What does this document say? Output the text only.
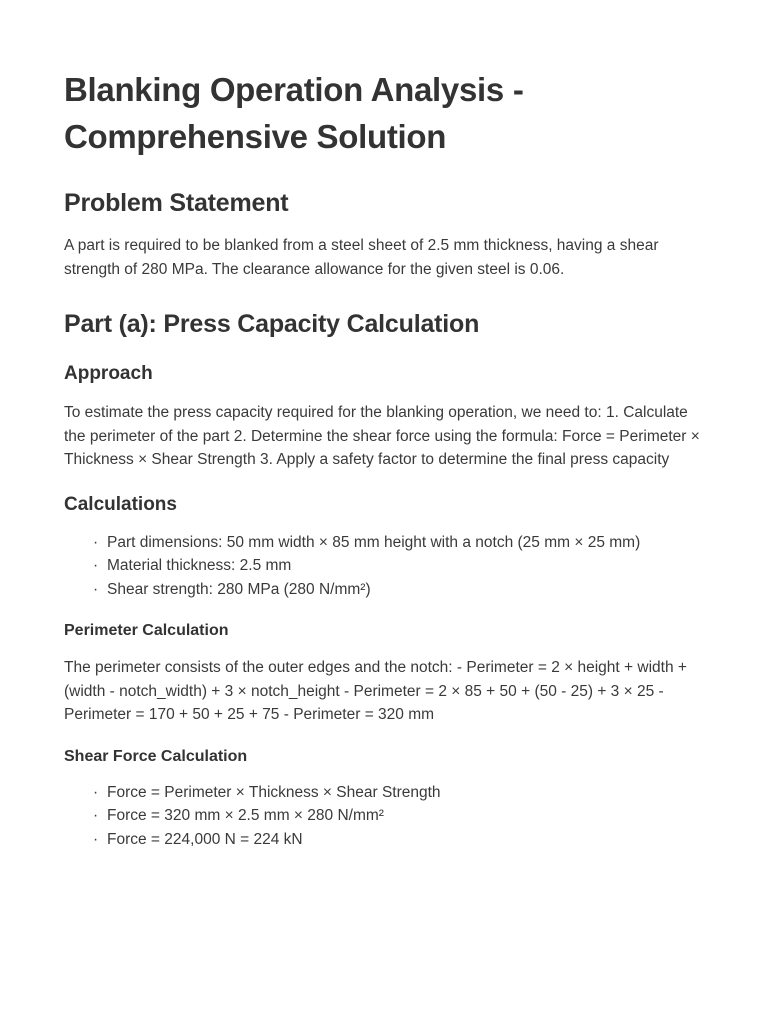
Blanking Operation Analysis - Comprehensive Solution
Problem Statement

A part is required to be blanked from a steel sheet of 2.5 mm thickness, having a shear strength of 280 MPa. The clearance allowance for the given steel is 0.06.

Part (a): Press Capacity Calculation
Approach

To estimate the press capacity required for the blanking operation, we need to: 1. Calculate the perimeter of the part 2. Determine the shear force using the formula: Force = Perimeter × Thickness × Shear Strength 3. Apply a safety factor to determine the final press capacity

Calculations
· Part dimensions: 50 mm width × 85 mm height with a notch (25 mm × 25 mm)
· Material thickness: 2.5 mm
· Shear strength: 280 MPa (280 N/mm²)
Perimeter Calculation

The perimeter consists of the outer edges and the notch: - Perimeter = 2 × height + width + (width - notch_width) + 3 × notch_height - Perimeter = 2 × 85 + 50 + (50 - 25) + 3 × 25 - Perimeter = 170 + 50 + 25 + 75 - Perimeter = 320 mm

Shear Force Calculation
· Force = Perimeter × Thickness × Shear Strength
· Force = 320 mm × 2.5 mm × 280 N/mm²
· Force = 224,000 N = 224 kN
